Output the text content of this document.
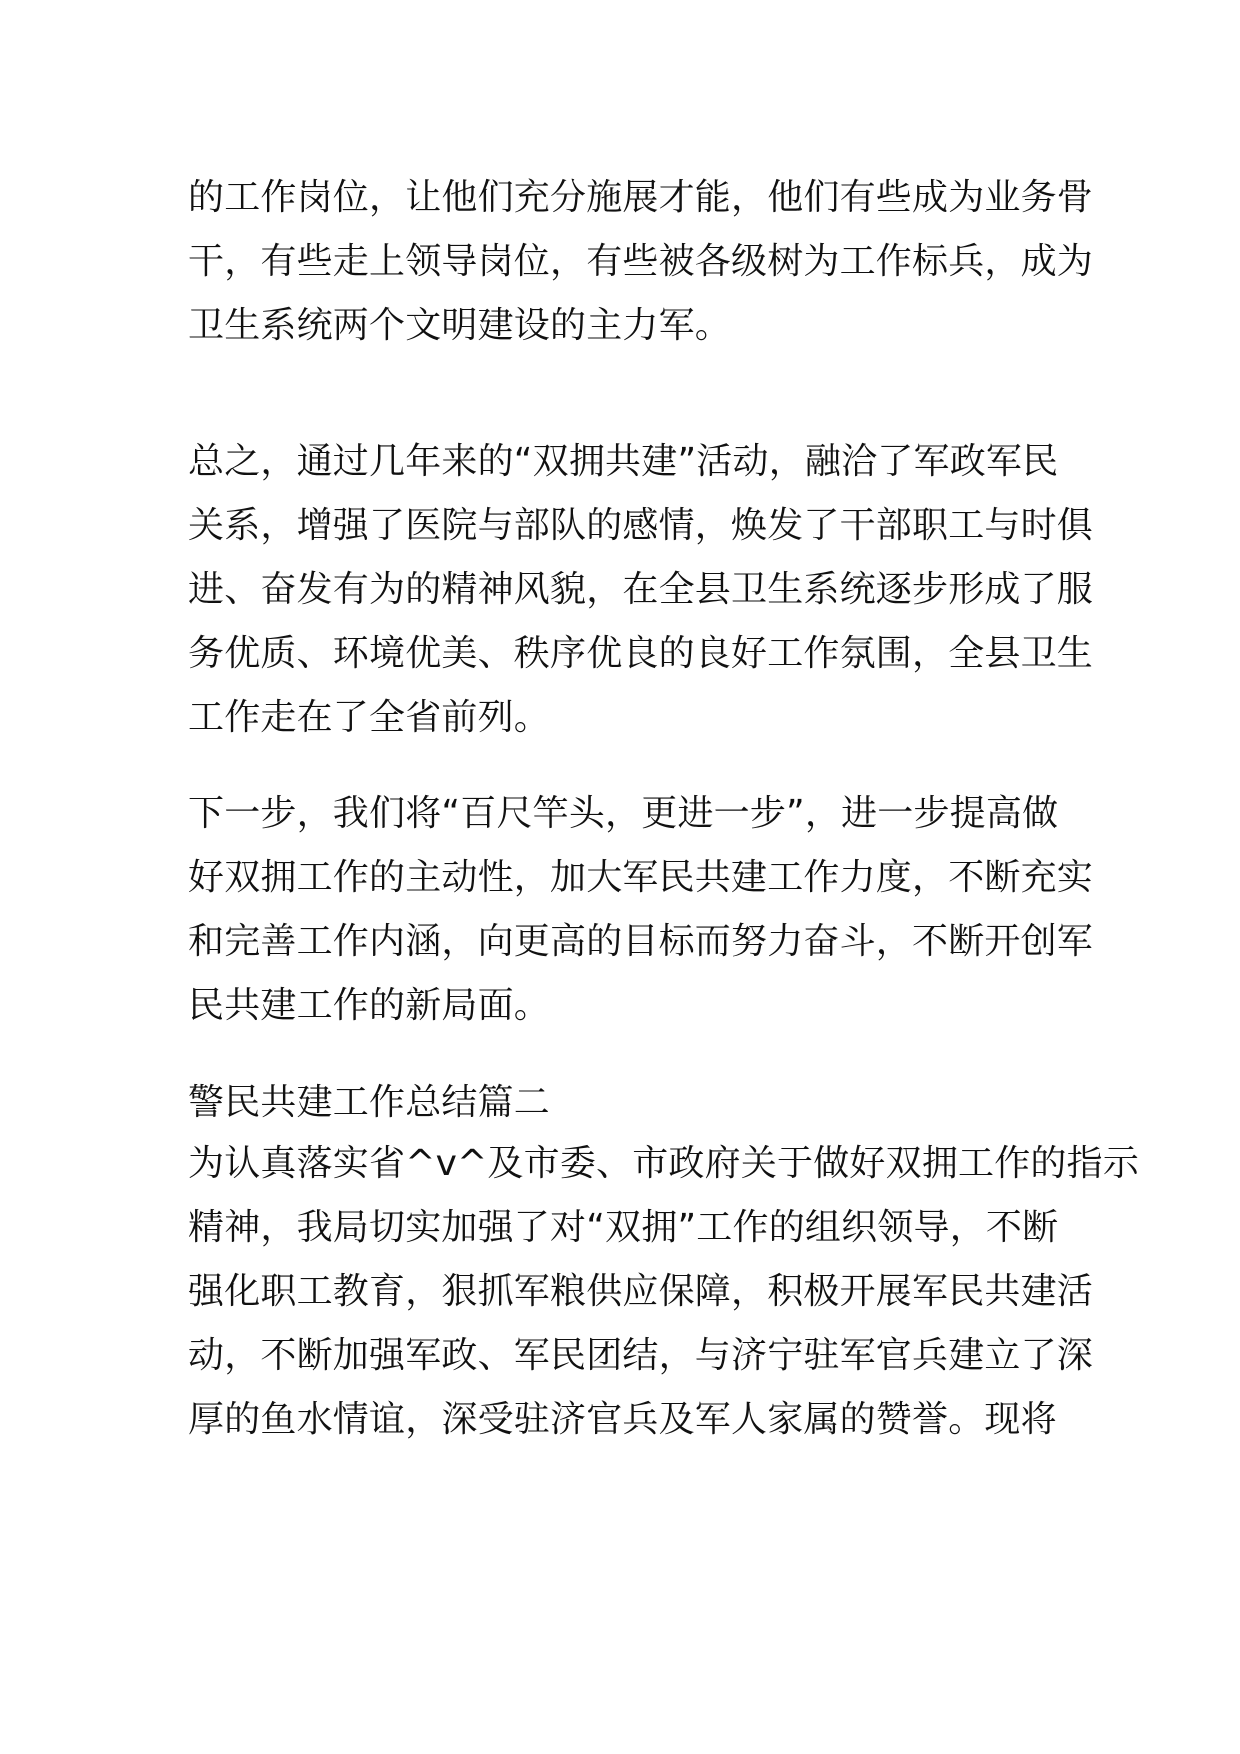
的工作岗位，让他们充分施展才能，他们有些成为业务骨
干，有些走上领导岗位，有些被各级树为工作标兵，成为
卫生系统两个文明建设的主力军。
总之，通过几年来的“双拥共建”活动，融洽了军政军民
关系，增强了医院与部队的感情，焕发了干部职工与时俱
进、奋发有为的精神风貌，在全县卫生系统逐步形成了服
务优质、环境优美、秩序优良的良好工作氛围，全县卫生
工作走在了全省前列。
下一步，我们将“百尺竿头，更进一步”，进一步提高做
好双拥工作的主动性，加大军民共建工作力度，不断充实
和完善工作内涵，向更高的目标而努力奋斗，不断开创军
民共建工作的新局面。
警民共建工作总结篇二
为认真落实省^v^及市委、市政府关于做好双拥工作的指示
精神，我局切实加强了对“双拥”工作的组织领导，不断
强化职工教育，狠抓军粮供应保障，积极开展军民共建活
动，不断加强军政、军民团结，与济宁驻军官兵建立了深
厚的鱼水情谊，深受驻济官兵及军人家属的赞誉。现将
